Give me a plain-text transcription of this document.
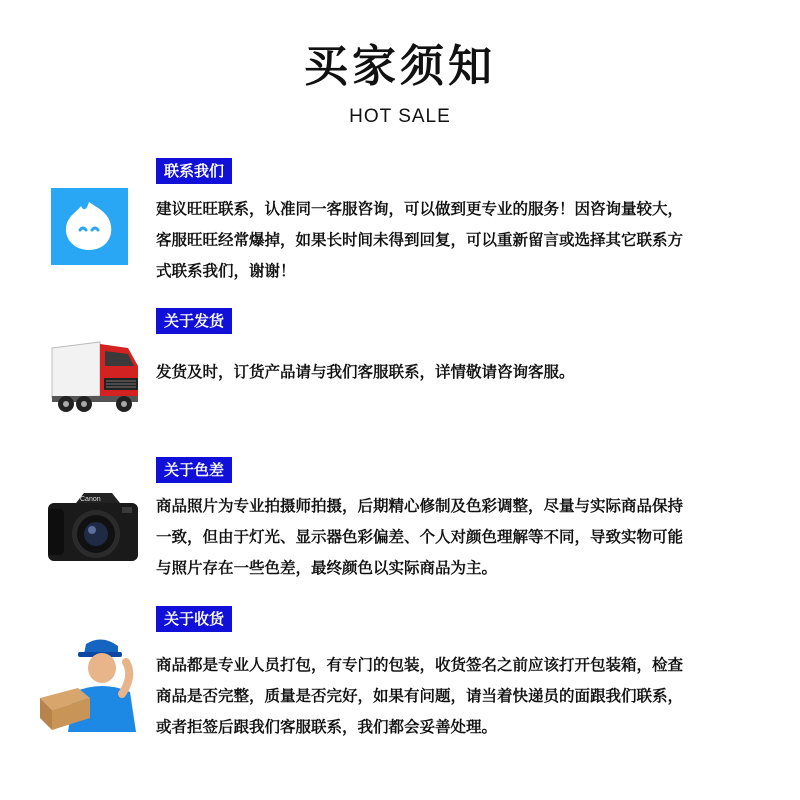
买家须知
HOT SALE
联系我们

建议旺旺联系，认准同一客服咨询，可以做到更专业的服务！因咨询量较大，

客服旺旺经常爆掉，如果长时间未得到回复，可以重新留言或选择其它联系方

式联系我们，谢谢！

关于发货

发货及时，订货产品请与我们客服联系，详情敬请咨询客服。

关于色差
Canon	商品照片为专业拍摄师拍摄，后期精心修制及色彩调整，尽量与实际商品保持

一致，但由于灯光、显示器色彩偏差、个人对颜色理解等不同，导致实物可能

与照片存在一些色差，最终颜色以实际商品为主。

关于收货

商品都是专业人员打包，有专门的包装，收货签名之前应该打开包装箱，检查

商品是否完整，质量是否完好，如果有问题，请当着快递员的面跟我们联系，

或者拒签后跟我们客服联系，我们都会妥善处理。
